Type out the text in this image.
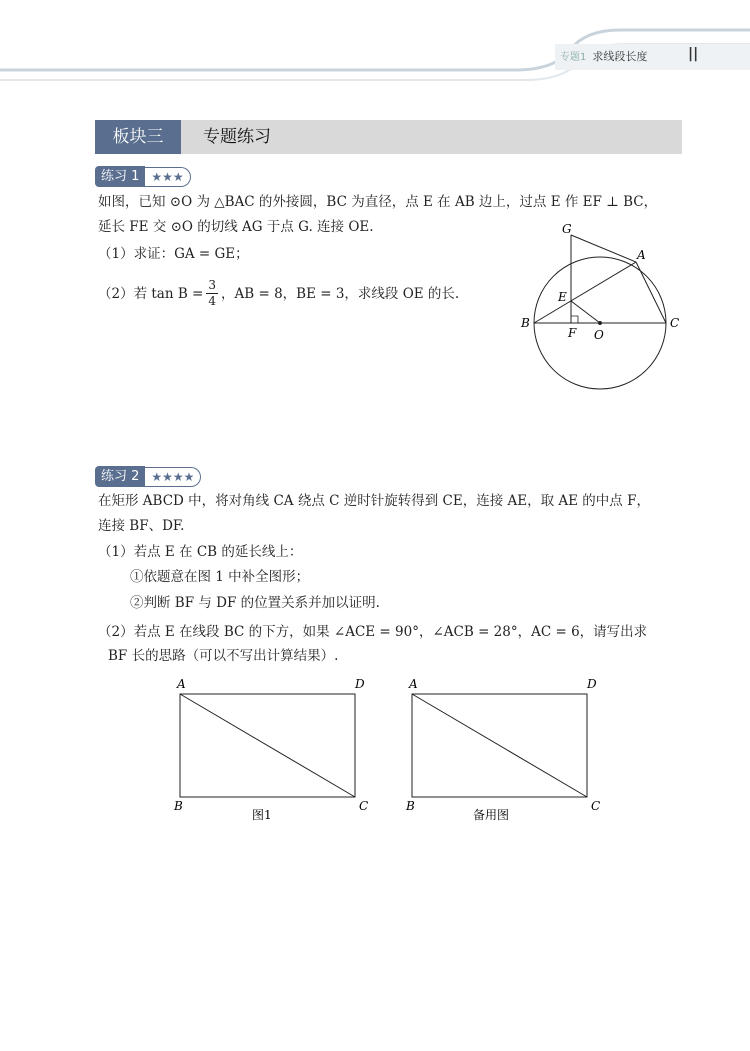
专题1 求线段长度	||
板块三	专题练习
练习 1	★★★
如图，已知 ⊙O 为 △BAC 的外接圆，BC 为直径，点 E 在 AB 边上，过点 E 作 EF ⊥ BC，
延长 FE 交 ⊙O 的切线 AG 于点 G. 连接 OE.
（1）求证：GA = GE；
（2）若 $\tan B = \frac{3}{4}$ ，AB = 8，BE = 3，求线段 OE 的长.
G
A
E
B
F O
C
练习 2	★★★★
在矩形 ABCD 中，将对角线 CA 绕点 C 逆时针旋转得到 CE，连接 AE，取 AE 的中点 F，
连接 BF、DF.
（1）若点 E 在 CB 的延长线上：
①依题意在图 1 中补全图形；
②判断 BF 与 DF 的位置关系并加以证明.
（2）若点 E 在线段 BC 的下方，如果 ∠ACE = 90°，∠ACB = 28°，AC = 6，请写出求
BF 长的思路（可以不写出计算结果）.
A	D
B	C
图1
A	D
B	C
备用图
